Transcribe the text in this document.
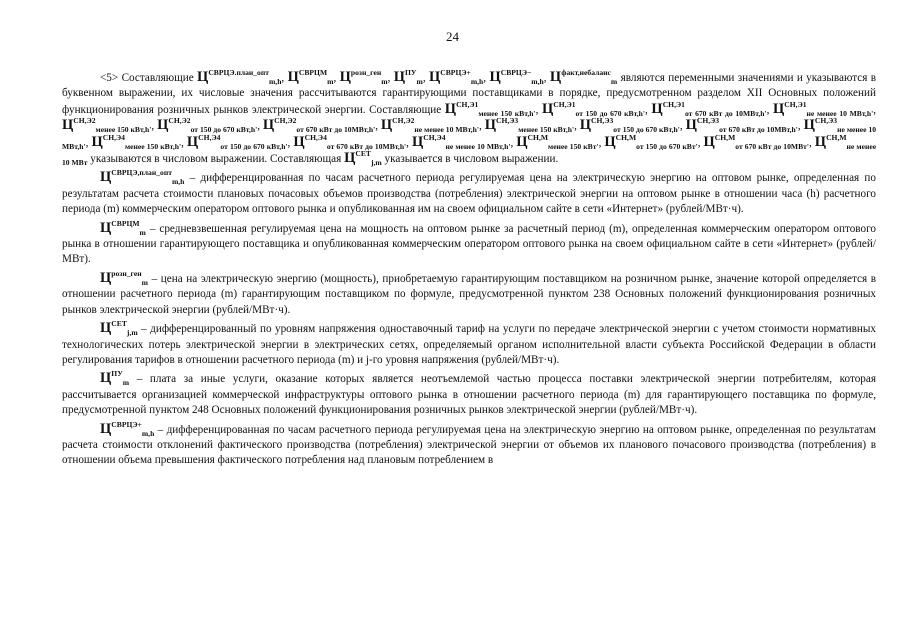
24

<5> Составляющие $Ц^{СВРЦЭ.план\_опт}_{m,h}$, $Ц^{СВРЦМ}_m$, $Ц^{розн\_ген}_m$, $Ц^{ПУ}_m$, $Ц^{СВРЦЭ+}_{m,h}$, $Ц^{СВРЦЭ-}_{m,h}$, $Ц^{факт,небаланс}_m$ являются переменными значениями и указываются в буквенном выражении, их числовые значения рассчитываются гарантирующими поставщиками в порядке, предусмотренном разделом XII Основных положений функционирования розничных рынков электрической энергии. Составляющие $Ц^{СН,Э1}_{менее 150 кВт,h'}$, $Ц^{СН,Э1}_{от 150 до 670 кВт,h'}$, $Ц^{СН,Э1}_{от 670 кВт до 10МВт,h'}$, $Ц^{СН,Э1}_{не менее 10 МВт,h'}$, $Ц^{СН,Э2}_{менее 150 кВт,h'}$, $Ц^{СН,Э2}_{от 150 до 670 кВт,h'}$, $Ц^{СН,Э2}_{от 670 кВт до 10МВт,h'}$, $Ц^{СН,Э2}_{не менее 10 МВт,h'}$, $Ц^{СН,Э3}_{менее 150 кВт,h'}$, $Ц^{СН,Э3}_{от 150 до 670 кВт,h'}$, $Ц^{СН,Э3}_{от 670 кВт до 10МВт,h'}$, $Ц^{СН,Э3}_{не менее 10 МВт,h'}$, $Ц^{СН,Э4}_{менее 150 кВт,h'}$, $Ц^{СН,Э4}_{от 150 до 670 кВт,h'}$, $Ц^{СН,Э4}_{от 670 кВт до 10МВт,h'}$, $Ц^{СН,Э4}_{не менее 10 МВт,h'}$, $Ц^{СН,М}_{менее 150 кВт'}$, $Ц^{СН,М}_{от 150 до 670 кВт'}$, $Ц^{СН,М}_{от 670 кВт до 10МВт'}$, $Ц^{СН,М}_{не менее 10 МВт}$ указываются в числовом выражении. Составляющая $Ц^{СЕТ}_{j,m}$ указывается в числовом выражении.

$Ц^{СВРЦЭ,план\_опт}_{m,h}$ – дифференцированная по часам расчетного периода регулируемая цена на электрическую энергию на оптовом рынке, определенная по результатам расчета стоимости плановых почасовых объемов производства (потребления) электрической энергии на оптовом рынке в отношении часа (h) расчетного периода (m) коммерческим оператором оптового рынка и опубликованная им на своем официальном сайте в сети «Интернет» (рублей/МВт·ч).

$Ц^{СВРЦМ}_m$ – средневзвешенная регулируемая цена на мощность на оптовом рынке за расчетный период (m), определенная коммерческим оператором оптового рынка в отношении гарантирующего поставщика и опубликованная коммерческим оператором оптового рынка на своем официальном сайте в сети «Интернет» (рублей/МВт).

$Ц^{розн\_ген}_m$ – цена на электрическую энергию (мощность), приобретаемую гарантирующим поставщиком на розничном рынке, значение которой определяется в отношении расчетного периода (m) гарантирующим поставщиком по формуле, предусмотренной пунктом 238 Основных положений функционирования розничных рынков электрической энергии (рублей/МВт·ч).

$Ц^{СЕТ}_{j,m}$ – дифференцированный по уровням напряжения одноставочный тариф на услуги по передаче электрической энергии с учетом стоимости нормативных технологических потерь электрической энергии в электрических сетях, определяемый органом исполнительной власти субъекта Российской Федерации в области регулирования тарифов в отношении расчетного периода (m) и j-го уровня напряжения (рублей/МВт·ч).

$Ц^{ПУ}_m$ – плата за иные услуги, оказание которых является неотъемлемой частью процесса поставки электрической энергии потребителям, которая рассчитывается организацией коммерческой инфраструктуры оптового рынка в отношении расчетного периода (m) для гарантирующего поставщика по формуле, предусмотренной пунктом 248 Основных положений функционирования розничных рынков электрической энергии (рублей/МВт·ч).

$Ц^{СВРЦЭ+}_{m,h}$ – дифференцированная по часам расчетного периода регулируемая цена на электрическую энергию на оптовом рынке, определенная по результатам расчета стоимости отклонений фактического производства (потребления) электрической энергии от объемов их планового почасового производства (потребления) в отношении объема превышения фактического потребления над плановым потреблением в
